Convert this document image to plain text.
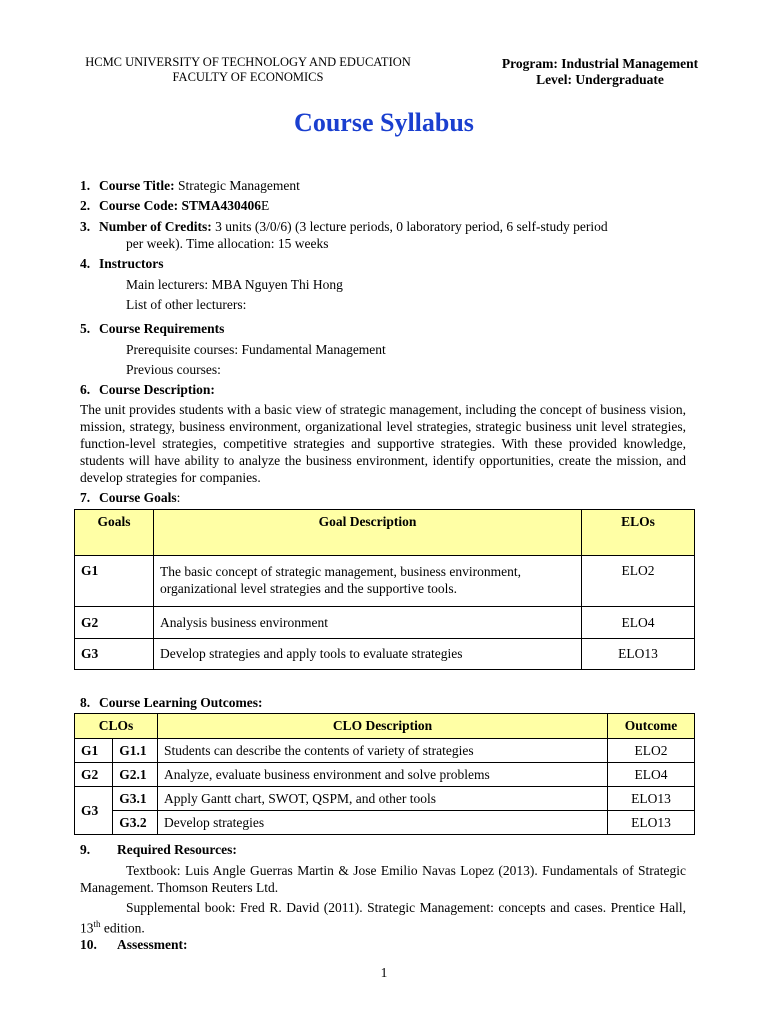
HCMC UNIVERSITY OF TECHNOLOGY AND EDUCATION
FACULTY OF ECONOMICS
Program: Industrial Management
Level: Undergraduate
Course Syllabus
1. Course Title: Strategic Management
2. Course Code: STMA430406E
3. Number of Credits: 3 units (3/0/6) (3 lecture periods, 0 laboratory period, 6 self-study period
per week). Time allocation: 15 weeks
4. Instructors
Main lecturers: MBA Nguyen Thi Hong
List of other lecturers:
5. Course Requirements
Prerequisite courses: Fundamental Management
Previous courses:
6. Course Description:
The unit provides students with a basic view of strategic management, including the concept of business vision, mission, strategy, business environment, organizational level strategies, strategic business unit level strategies, function-level strategies, competitive strategies and supportive strategies. With these provided knowledge, students will have ability to analyze the business environment, identify opportunities, create the mission, and develop strategies for companies.
7. Course Goals:
Goals	Goal Description	ELOs
G1	The basic concept of strategic management, business environment, organizational level strategies and the supportive tools.	ELO2
G2	Analysis business environment	ELO4
G3	Develop strategies and apply tools to evaluate strategies	ELO13
8. Course Learning Outcomes:
CLOs		CLO Description	Outcome
G1	G1.1	Students can describe the contents of variety of strategies	ELO2
G2	G2.1	Analyze, evaluate business environment and solve problems	ELO4
G3	G3.1	Apply Gantt chart, SWOT, QSPM, and other tools	ELO13
	G3.2	Develop strategies	ELO13
9. Required Resources:
Textbook: Luis Angle Guerras Martin & Jose Emilio Navas Lopez (2013). Fundamentals of Strategic Management. Thomson Reuters Ltd.
Supplemental book: Fred R. David (2011). Strategic Management: concepts and cases. Prentice Hall, 13th edition.
10. Assessment:
1
